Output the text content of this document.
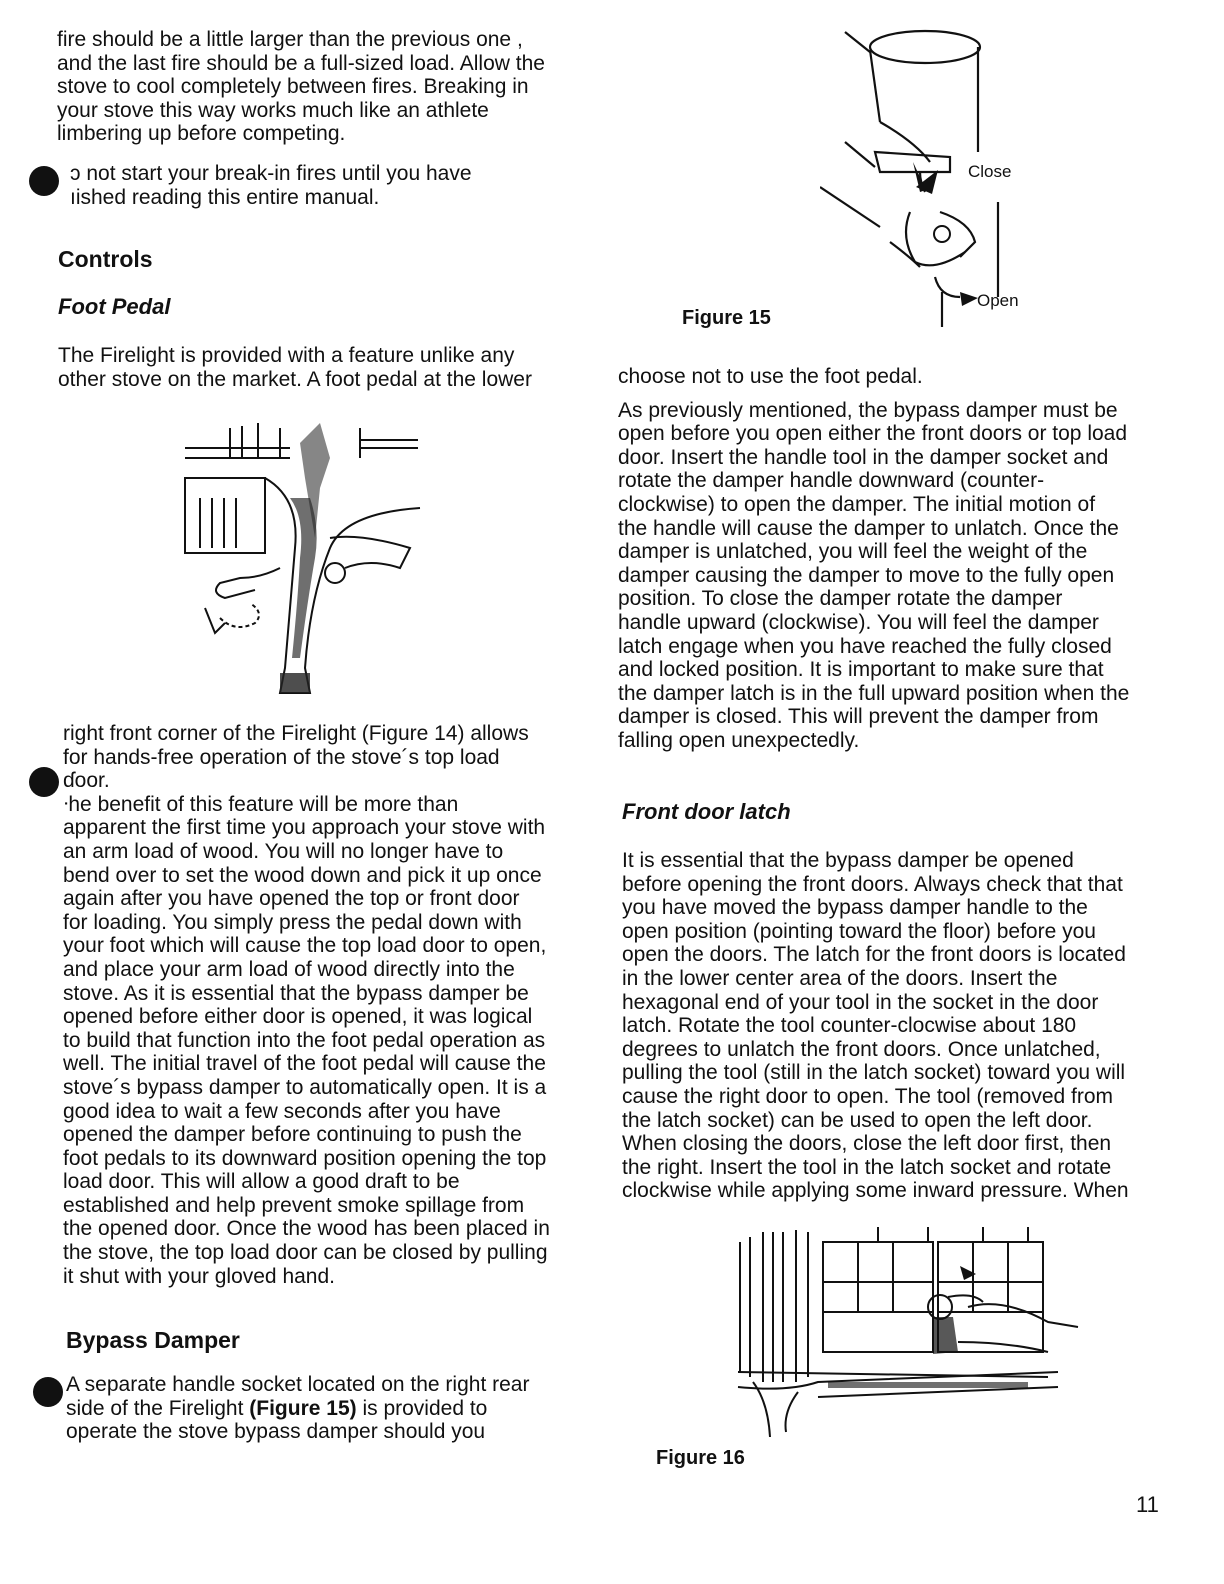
fire should be a little larger than the previous one ,
and the last fire should be a full-sized load. Allow the
stove to cool completely between fires. Breaking in
your stove this way works much like an athlete
limbering up before competing.
ɔ not start your break-in fires until you have
ıished reading this entire manual.
Controls
Foot Pedal
The Firelight is provided with a feature unlike any
other stove on the market. A foot pedal at the lower
right front corner of the Firelight (Figure 14) allows
for hands-free operation of the stove´s top load
ɗoor.
ᐧhe benefit of this feature will be more than
apparent the first time you approach your stove with
an arm load of wood. You will no longer have to
bend over to set the wood down and pick it up once
again after you have opened the top or front door
for loading. You simply press the pedal down with
your foot which will cause the top load door to open,
and place your arm load of wood directly into the
stove. As it is essential that the bypass damper be
opened before either door is opened, it was logical
to build that function into the foot pedal operation as
well. The initial travel of the foot pedal will cause the
stove´s bypass damper to automatically open. It is a
good idea to wait a few seconds after you have
opened the damper before continuing to push the
foot pedals to its downward position opening the top
load door. This will allow a good draft to be
established and help prevent smoke spillage from
the opened door. Once the wood has been placed in
the stove, the top load door can be closed by pulling
it shut with your gloved hand.
Bypass Damper
A separate handle socket located on the right rear
side of the Firelight (Figure 15) is provided to
operate the stove bypass damper should you
Close
Open
Figure 15
choose not to use the foot pedal.
As previously mentioned, the bypass damper must be
open before you open either the front doors or top load
door. Insert the handle tool in the damper socket and
rotate the damper handle downward (counter-
clockwise) to open the damper. The initial motion of
the handle will cause the damper to unlatch. Once the
damper is unlatched, you will feel the weight of the
damper causing the damper to move to the fully open
position. To close the damper rotate the damper
handle upward (clockwise). You will feel the damper
latch engage when you have reached the fully closed
and locked position. It is important to make sure that
the damper latch is in the full upward position when the
damper is closed. This will prevent the damper from
falling open unexpectedly.
Front door latch
It is essential that the bypass damper be opened
before opening the front doors. Always check that that
you have moved the bypass damper handle to the
open position (pointing toward the floor) before you
open the doors. The latch for the front doors is located
in the lower center area of the doors. Insert the
hexagonal end of your tool in the socket in the door
latch. Rotate the tool counter-clocwise about 180
degrees to unlatch the front doors. Once unlatched,
pulling the tool (still in the latch socket) toward you will
cause the right door to open. The tool (removed from
the latch socket) can be used to open the left door.
When closing the doors, close the left door first, then
the right. Insert the tool in the latch socket and rotate
clockwise while applying some inward pressure. When
Figure 16
11
